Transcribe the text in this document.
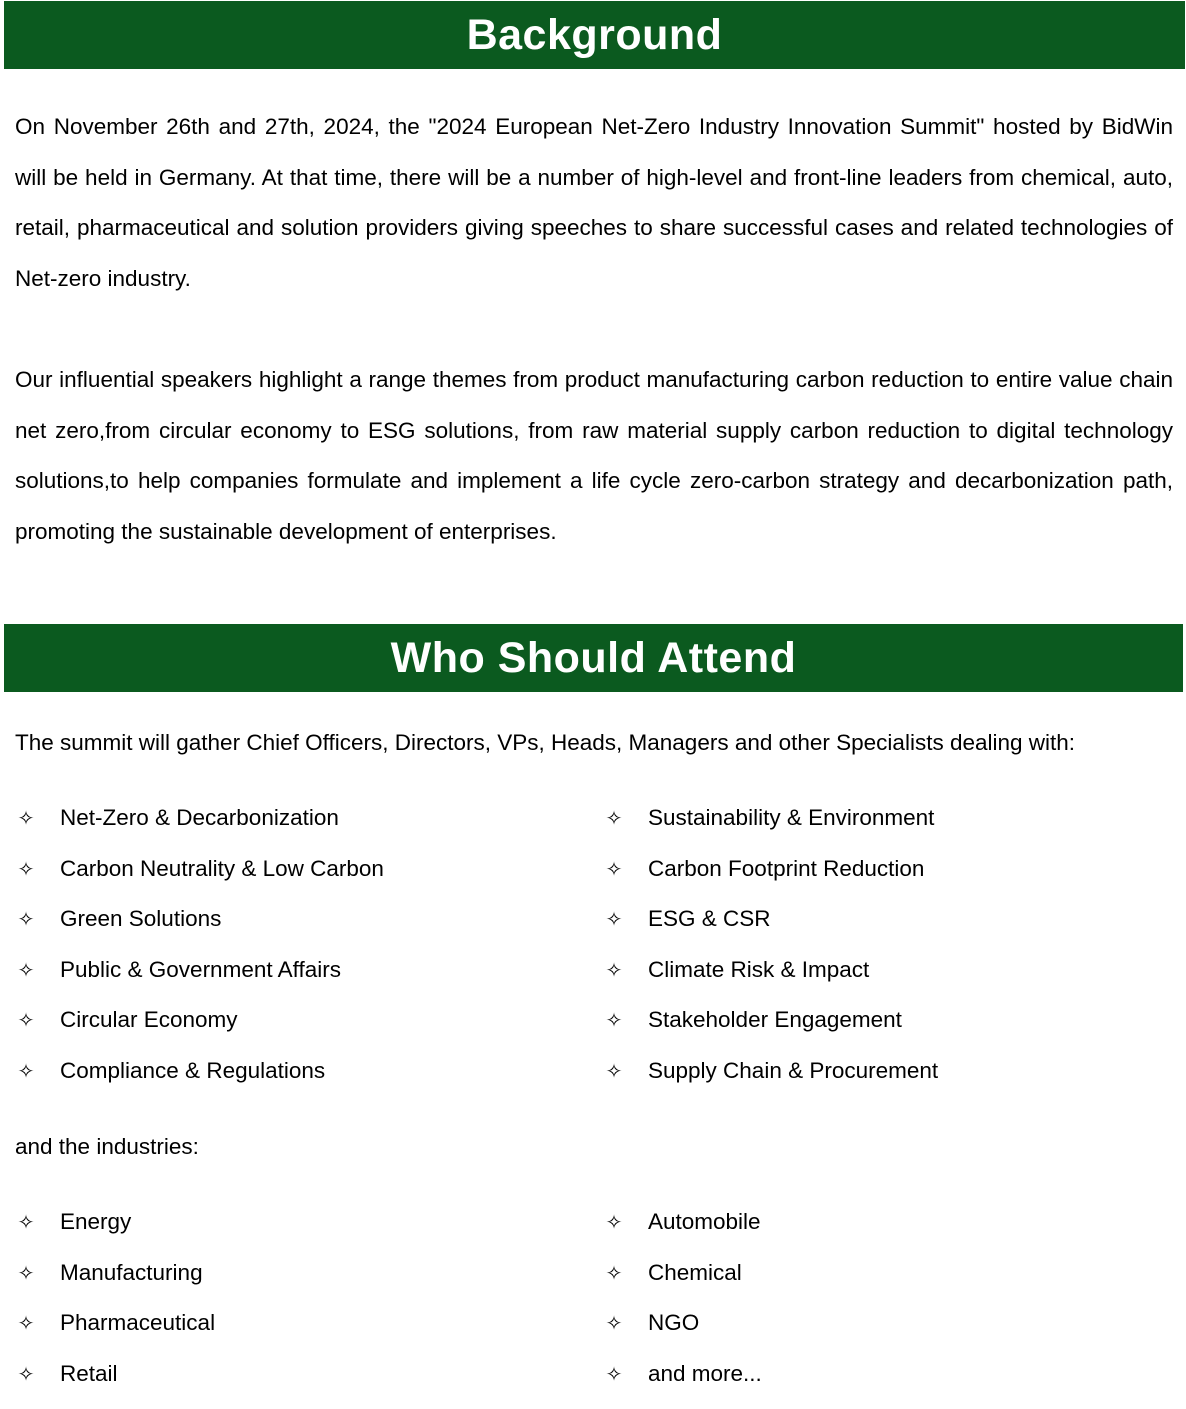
Background

On November 26th and 27th, 2024, the "2024 European Net-Zero Industry Innovation Summit" hosted by BidWin will be held in Germany. At that time, there will be a number of high-level and front-line leaders from chemical, auto, retail, pharmaceutical and solution providers giving speeches to share successful cases and related technologies of Net-zero industry.

Our influential speakers highlight a range themes from product manufacturing carbon reduction to entire value chain net zero,from circular economy to ESG solutions, from raw material supply carbon reduction to digital technology solutions,to help companies formulate and implement a life cycle zero-carbon strategy and decarbonization path, promoting the sustainable development of enterprises.

Who Should Attend
The summit will gather Chief Officers, Directors, VPs, Heads, Managers and other Specialists dealing with:
✧ Net-Zero & Decarbonization
✧ Carbon Neutrality & Low Carbon
✧ Green Solutions
✧ Public & Government Affairs
✧ Circular Economy
✧ Compliance & Regulations
✧ Sustainability & Environment
✧ Carbon Footprint Reduction
✧ ESG & CSR
✧ Climate Risk & Impact
✧ Stakeholder Engagement
✧ Supply Chain & Procurement
and the industries:
✧ Energy
✧ Manufacturing
✧ Pharmaceutical
✧ Retail
✧ Automobile
✧ Chemical
✧ NGO
✧ and more...
